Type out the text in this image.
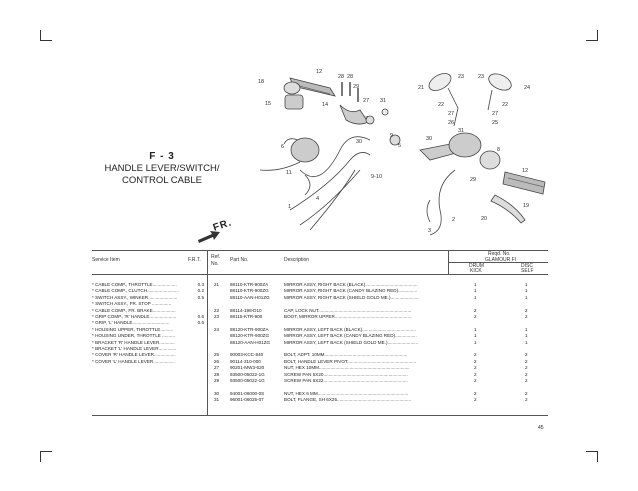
12
18
28 28
29
15	14
27 31
7
30
9
6	5
11
9-10
1
4
21
23	23
24
22	22
27	27
25
26
31
30
2
3
19
29
12
20
8
F - 3
HANDLE LEVER/SWITCH/
CONTROL CABLE
FR.
Service Item	F.R.T. Ref. No.
Part No.	Description
Reqd. No.
GLAMOUR FI
DRUM
KICK
DISC
SELF
* CABLE COMP., THROTTLE...................	0.3
* CABLE COMP., CLUTCH.........................	0.2
* SWITCH ASSY., WINKER.......................	0.5
* SWITCH ASSY., FR. STOP ...............
* CABLE COMP., FR. BRAKE..................
* GRIP COMP., 'R' HANDLE.....................	0.6
* GRIP, 'L' HANDLE.............................	0.6
* HOUSING UPPER, THROTTLE..........
* HOUSING UNDER, THROTTLE ..........
* BRACKET 'R' HANDLE LEVER............
* BRACKET 'L' HANDLE LEVER..............
* COVER 'R' HANDLE LEVER.................
* COVER 'L' HANDLE LEVER.................
21 88110-KTR-900ZA	MIRROR ASSY, RIGHT BACK (BLACK).........................................	1	1
88110-KTR-900ZG	MIRROR ASSY, RIGHT BACK (CANDY BLAZING RED)...............	1	1
88110-AAN-H01ZG	MIRROR ASSY, RIGHT BACK (SHIELD GOLD ME.)......................	1	1
22 88114-198-D10	CAP, LOCK NUT.........................................................................	2	2
23 88115-KTR-900	BOOT, MIRROR UPPER............................................................	2	2
24 88120-KTR-900ZA	MIRROR ASSY, LEFT BACK (BLACK)..........................................	1	1
88120-KTR-900ZG	MIRROR ASSY, LEFT BACK (CANDY BLAZING RED).................	1	1
88120-AAN-H01ZG	MIRROR ASSY, LEFT BACK (SHIELD GOLD ME.)........................	1	1
25 90003-KCC-840	BOLT, ADPT. 10MM.................................................................	2	2
26 90114-310-000	BOLT, HANDLE LEVER PIVOT......................................................	2	2
27 90201-MW3-620	NUT, HEX 10MM.......................................................................	2	2
28 93500-05022-1G	SCREW PAN 5X20..................................................................	2	2
29 93500-05022-1G	SCREW PAN 5X22..................................................................	2	2
30 94001-06000-0S	NUT, HEX 6 MM.......................................................................	2	2
31 96001-06025-07	BOLT, FLANGE, SH 6X25..........................................................	2	2
45
